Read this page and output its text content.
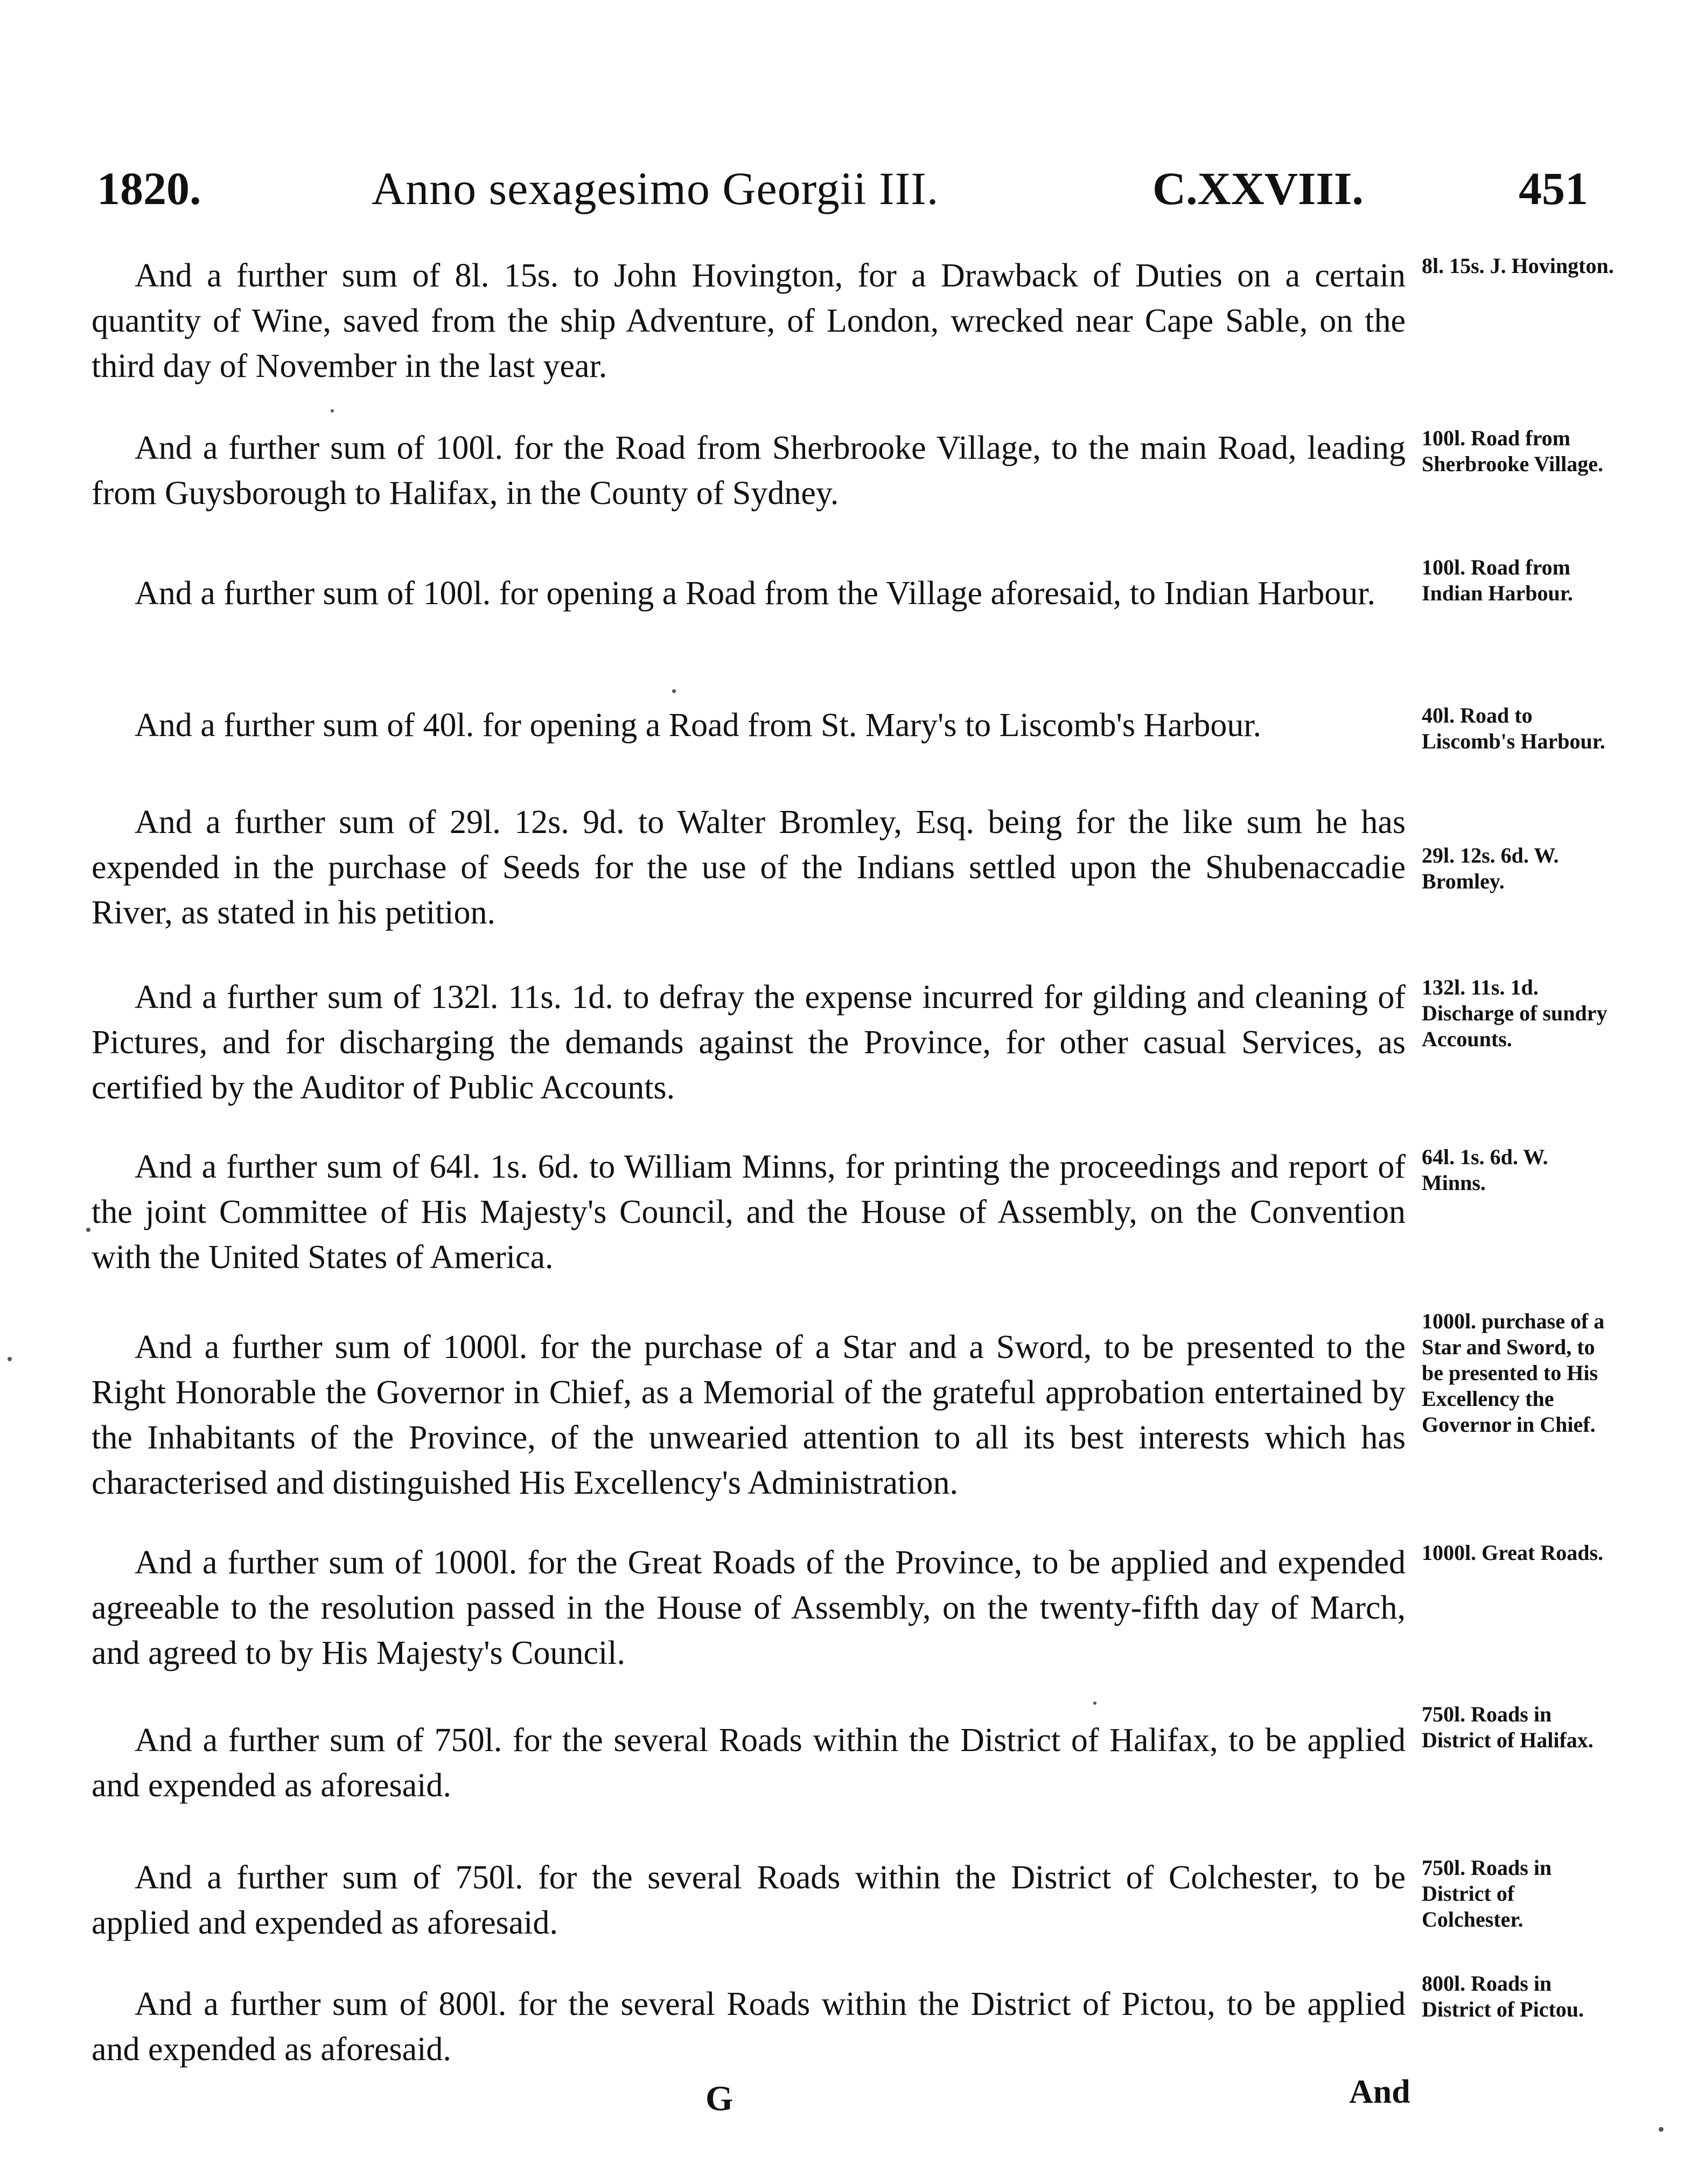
1820.	Anno sexagesimo Georgii III.	C.XXVIII.	451

And a further sum of 8l. 15s. to John Hovington, for a Drawback of Duties on a certain quantity of Wine, saved from the ship Adventure, of London, wrecked near Cape Sable, on the third day of November in the last year.

8l. 15s. J. Hovington.

And a further sum of 100l. for the Road from Sherbrooke Village, to the main Road, leading from Guysborough to Halifax, in the County of Sydney.

100l. Road from Sherbrooke Village.

And a further sum of 100l. for opening a Road from the Village aforesaid, to Indian Harbour.

100l. Road from Indian Harbour.

And a further sum of 40l. for opening a Road from St. Mary's to Liscomb's Harbour.	40l. Road to Liscomb's Harbour.

And a further sum of 29l. 12s. 9d. to Walter Bromley, Esq. being for the like sum he has expended in the purchase of Seeds for the use of the Indians settled upon the Shubenaccadie River, as stated in his petition.

29l. 12s. 6d. W. Bromley.

And a further sum of 132l. 11s. 1d. to defray the expense incurred for gilding and cleaning of Pictures, and for discharging the demands against the Province, for other casual Services, as certified by the Auditor of Public Accounts.

132l. 11s. 1d. Discharge of sundry Accounts.

And a further sum of 64l. 1s. 6d. to William Minns, for printing the proceedings and report of the joint Committee of His Majesty's Council, and the House of Assembly, on the Convention with the United States of America.

64l. 1s. 6d. W. Minns.

And a further sum of 1000l. for the purchase of a Star and a Sword, to be presented to the Right Honorable the Governor in Chief, as a Memorial of the grateful approbation entertained by the Inhabitants of the Province, of the unwearied attention to all its best interests which has characterised and distinguished His Excellency's Administration.

1000l. purchase of a Star and Sword, to be presented to His Excellency the Governor in Chief.

And a further sum of 1000l. for the Great Roads of the Province, to be applied and expended agreeable to the resolution passed in the House of Assembly, on the twenty-fifth day of March, and agreed to by His Majesty's Council.

1000l. Great Roads.

And a further sum of 750l. for the several Roads within the District of Halifax, to be applied and expended as aforesaid.

750l. Roads in District of Halifax.

And a further sum of 750l. for the several Roads within the District of Colchester, to be applied and expended as aforesaid.

750l. Roads in District of Colchester.

And a further sum of 800l. for the several Roads within the District of Pictou, to be applied and expended as aforesaid.

800l. Roads in District of Pictou.

G	And
